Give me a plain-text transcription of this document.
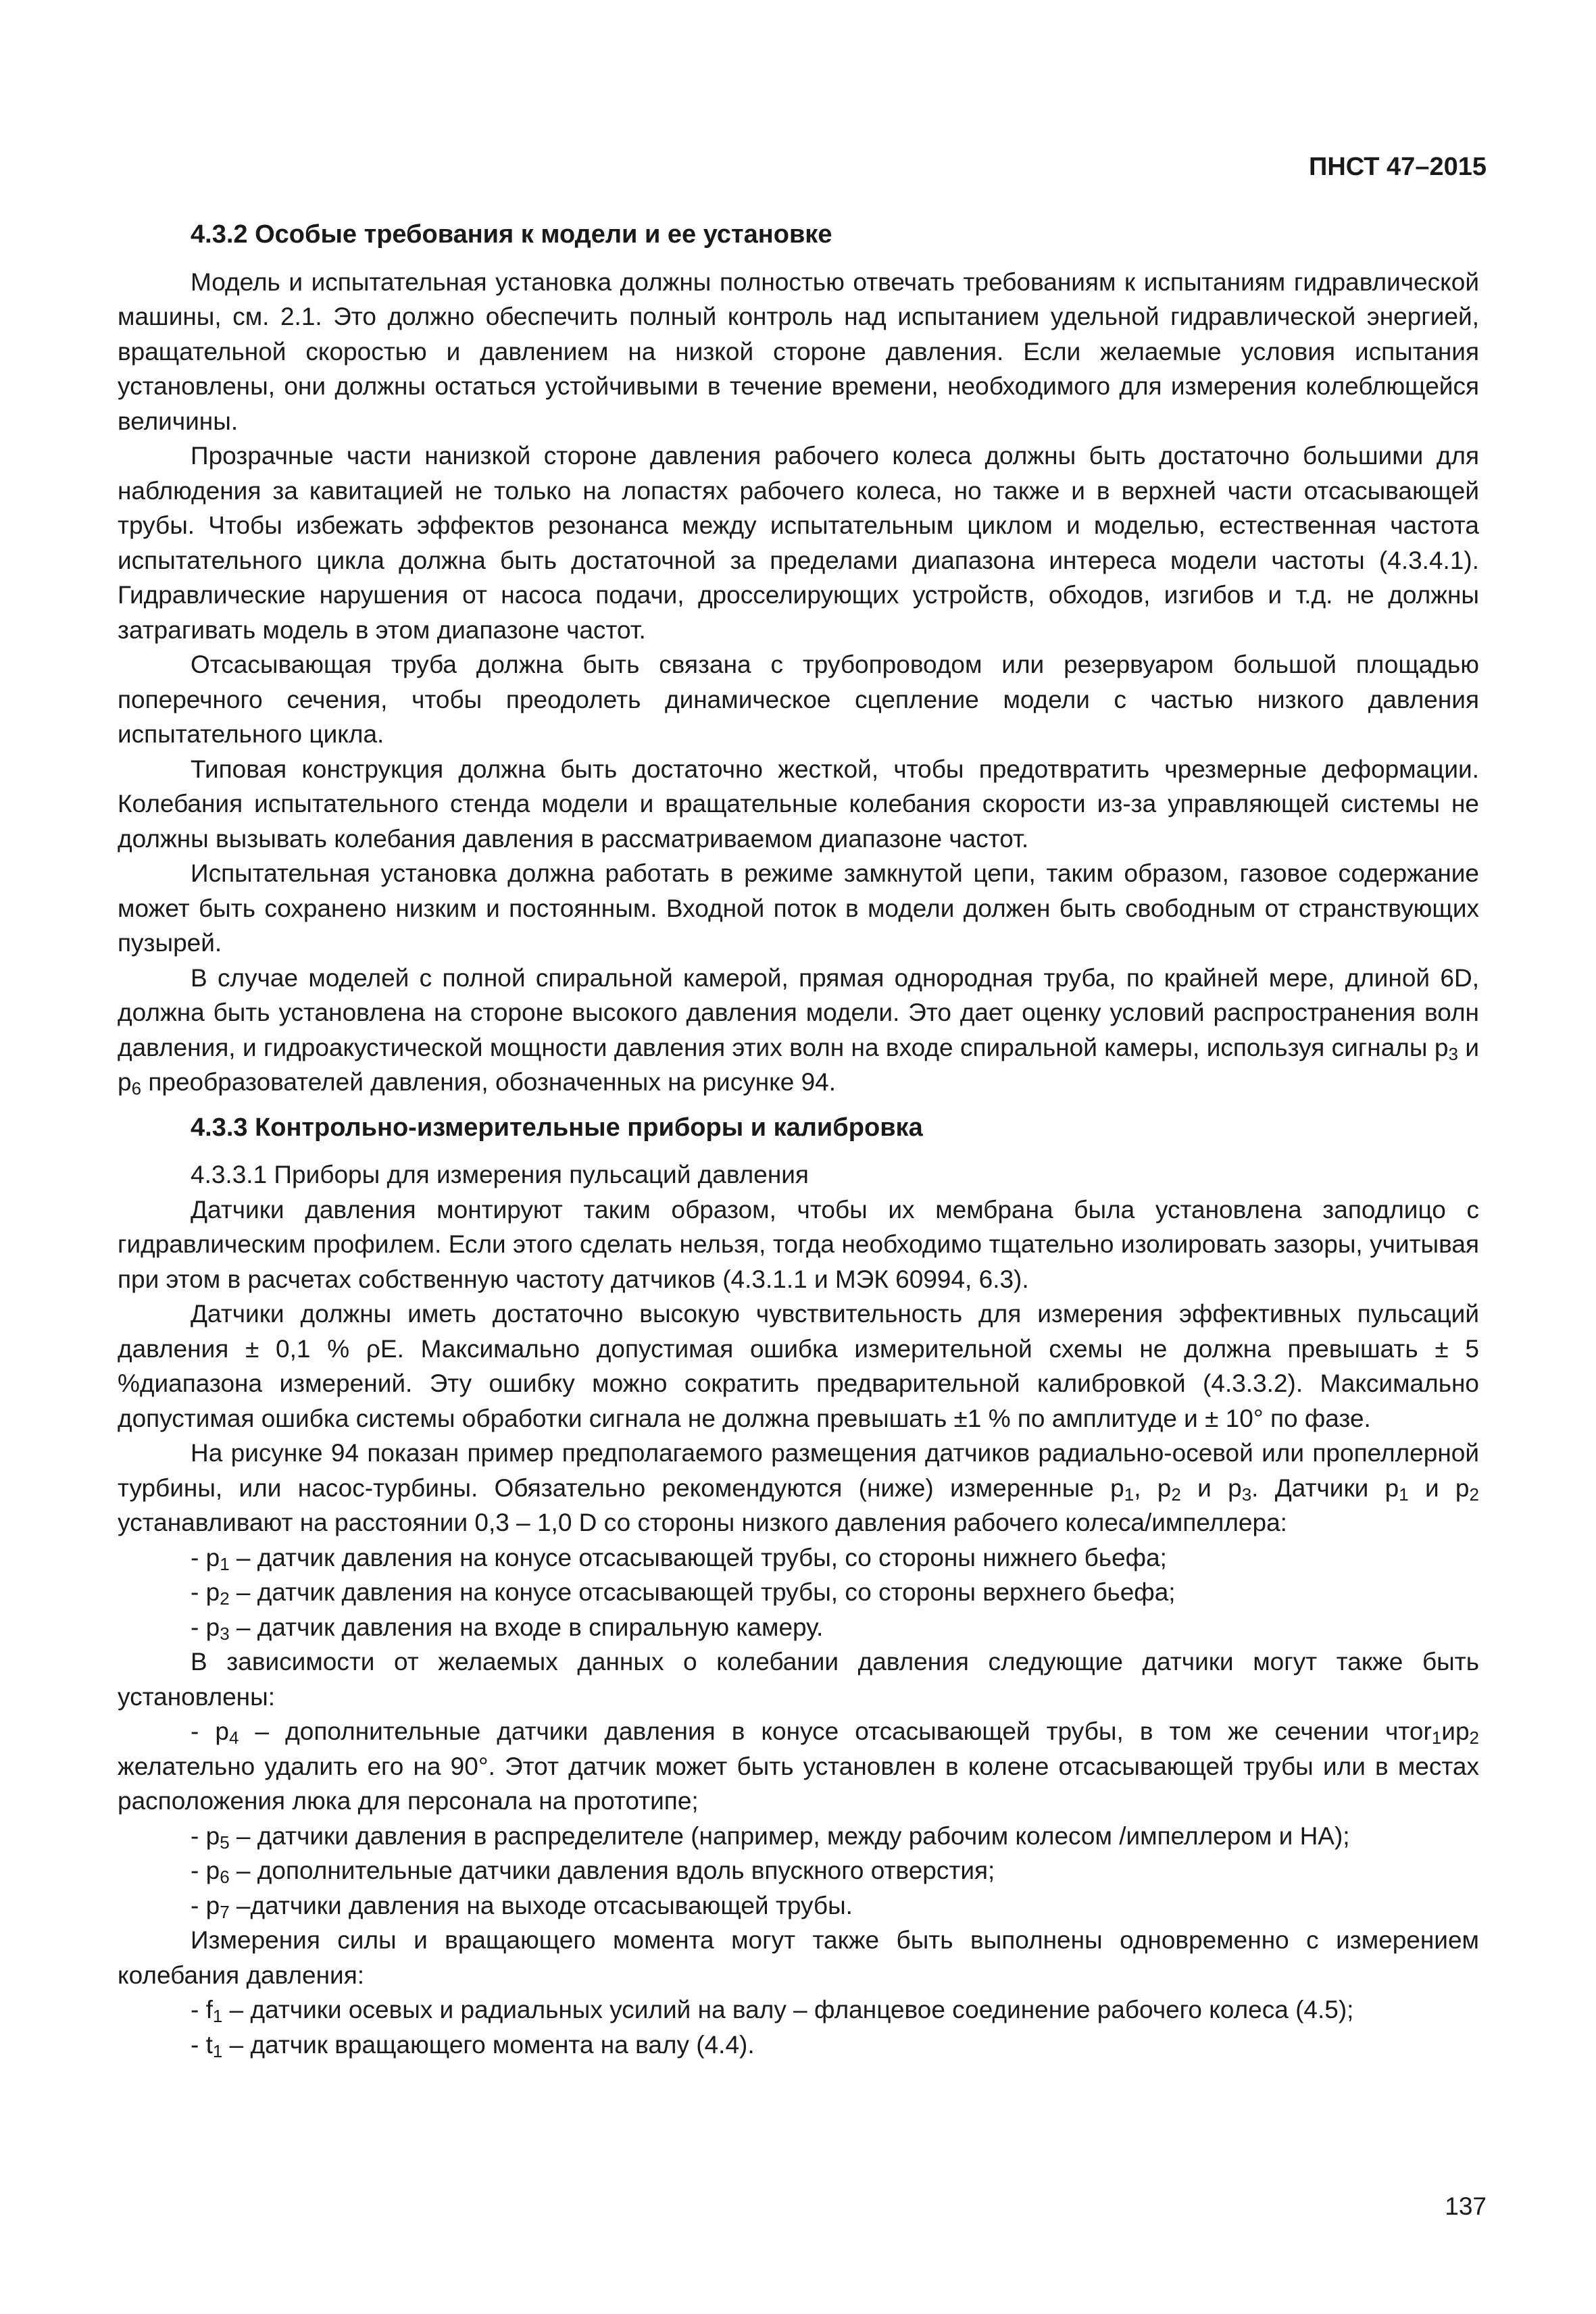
ПНСТ 47–2015
4.3.2 Особые требования к модели и ее установке

Модель и испытательная установка должны полностью отвечать требованиям к испытаниям гидравлической машины, см. 2.1. Это должно обеспечить полный контроль над испытанием удельной гидравлической энергией, вращательной скоростью и давлением на низкой стороне давления. Если желаемые условия испытания установлены, они должны остаться устойчивыми в течение времени, необходимого для измерения колеблющейся величины.

Прозрачные части нанизкой стороне давления рабочего колеса должны быть достаточно большими для наблюдения за кавитацией не только на лопастях рабочего колеса, но также и в верхней части отсасывающей трубы. Чтобы избежать эффектов резонанса между испытательным циклом и моделью, естественная частота испытательного цикла должна быть достаточной за пределами диапазона интереса модели частоты (4.3.4.1). Гидравлические нарушения от насоса подачи, дросселирующих устройств, обходов, изгибов и т.д. не должны затрагивать модель в этом диапазоне частот.

Отсасывающая труба должна быть связана с трубопроводом или резервуаром большой площадью поперечного сечения, чтобы преодолеть динамическое сцепление модели с частью низкого давления испытательного цикла.

Типовая конструкция должна быть достаточно жесткой, чтобы предотвратить чрезмерные деформации. Колебания испытательного стенда модели и вращательные колебания скорости из-за управляющей системы не должны вызывать колебания давления в рассматриваемом диапазоне частот.

Испытательная установка должна работать в режиме замкнутой цепи, таким образом, газовое содержание может быть сохранено низким и постоянным. Входной поток в модели должен быть свободным от странствующих пузырей.

В случае моделей с полной спиральной камерой, прямая однородная труба, по крайней мере, длиной 6D, должна быть установлена на стороне высокого давления модели. Это дает оценку условий распространения волн давления, и гидроакустической мощности давления этих волн на входе спиральной камеры, используя сигналы $p_3$ и $p_6$ преобразователей давления, обозначенных на рисунке 94.

4.3.3 Контрольно-измерительные приборы и калибровка

4.3.3.1 Приборы для измерения пульсаций давления

Датчики давления монтируют таким образом, чтобы их мембрана была установлена заподлицо с гидравлическим профилем. Если этого сделать нельзя, тогда необходимо тщательно изолировать зазоры, учитывая при этом в расчетах собственную частоту датчиков (4.3.1.1 и МЭК 60994, 6.3).

Датчики должны иметь достаточно высокую чувствительность для измерения эффективных пульсаций давления ± 0,1 % ρE. Максимально допустимая ошибка измерительной схемы не должна превышать ± 5 %диапазона измерений. Эту ошибку можно сократить предварительной калибровкой (4.3.3.2). Максимально допустимая ошибка системы обработки сигнала не должна превышать ±1 % по амплитуде и ± 10° по фазе.

На рисунке 94 показан пример предполагаемого размещения датчиков радиально-осевой или пропеллерной турбины, или насос-турбины. Обязательно рекомендуются (ниже) измеренные $p_1$, $p_2$ и $p_3$. Датчики $p_1$ и $p_2$ устанавливают на расстоянии 0,3 – 1,0 D со стороны низкого давления рабочего колеса/импеллера:

- $p_1$ – датчик давления на конусе отсасывающей трубы, со стороны нижнего бьефа;

- $p_2$ – датчик давления на конусе отсасывающей трубы, со стороны верхнего бьефа;

- $p_3$ – датчик давления на входе в спиральную камеру.

В зависимости от желаемых данных о колебании давления следующие датчики могут также быть установлены:

- $p_4$ – дополнительные датчики давления в конусе отсасывающей трубы, в том же сечении $чтоr_1иp_2$ желательно удалить его на 90°. Этот датчик может быть установлен в колене отсасывающей трубы или в местах расположения люка для персонала на прототипе;

- $p_5$ – датчики давления в распределителе (например, между рабочим колесом /импеллером и НА);

- $p_6$ – дополнительные датчики давления вдоль впускного отверстия;

- $p_7$ –датчики давления на выходе отсасывающей трубы.

Измерения силы и вращающего момента могут также быть выполнены одновременно с измерением колебания давления:

- $f_1$ – датчики осевых и радиальных усилий на валу – фланцевое соединение рабочего колеса (4.5);

- $t_1$ – датчик вращающего момента на валу (4.4).

137
